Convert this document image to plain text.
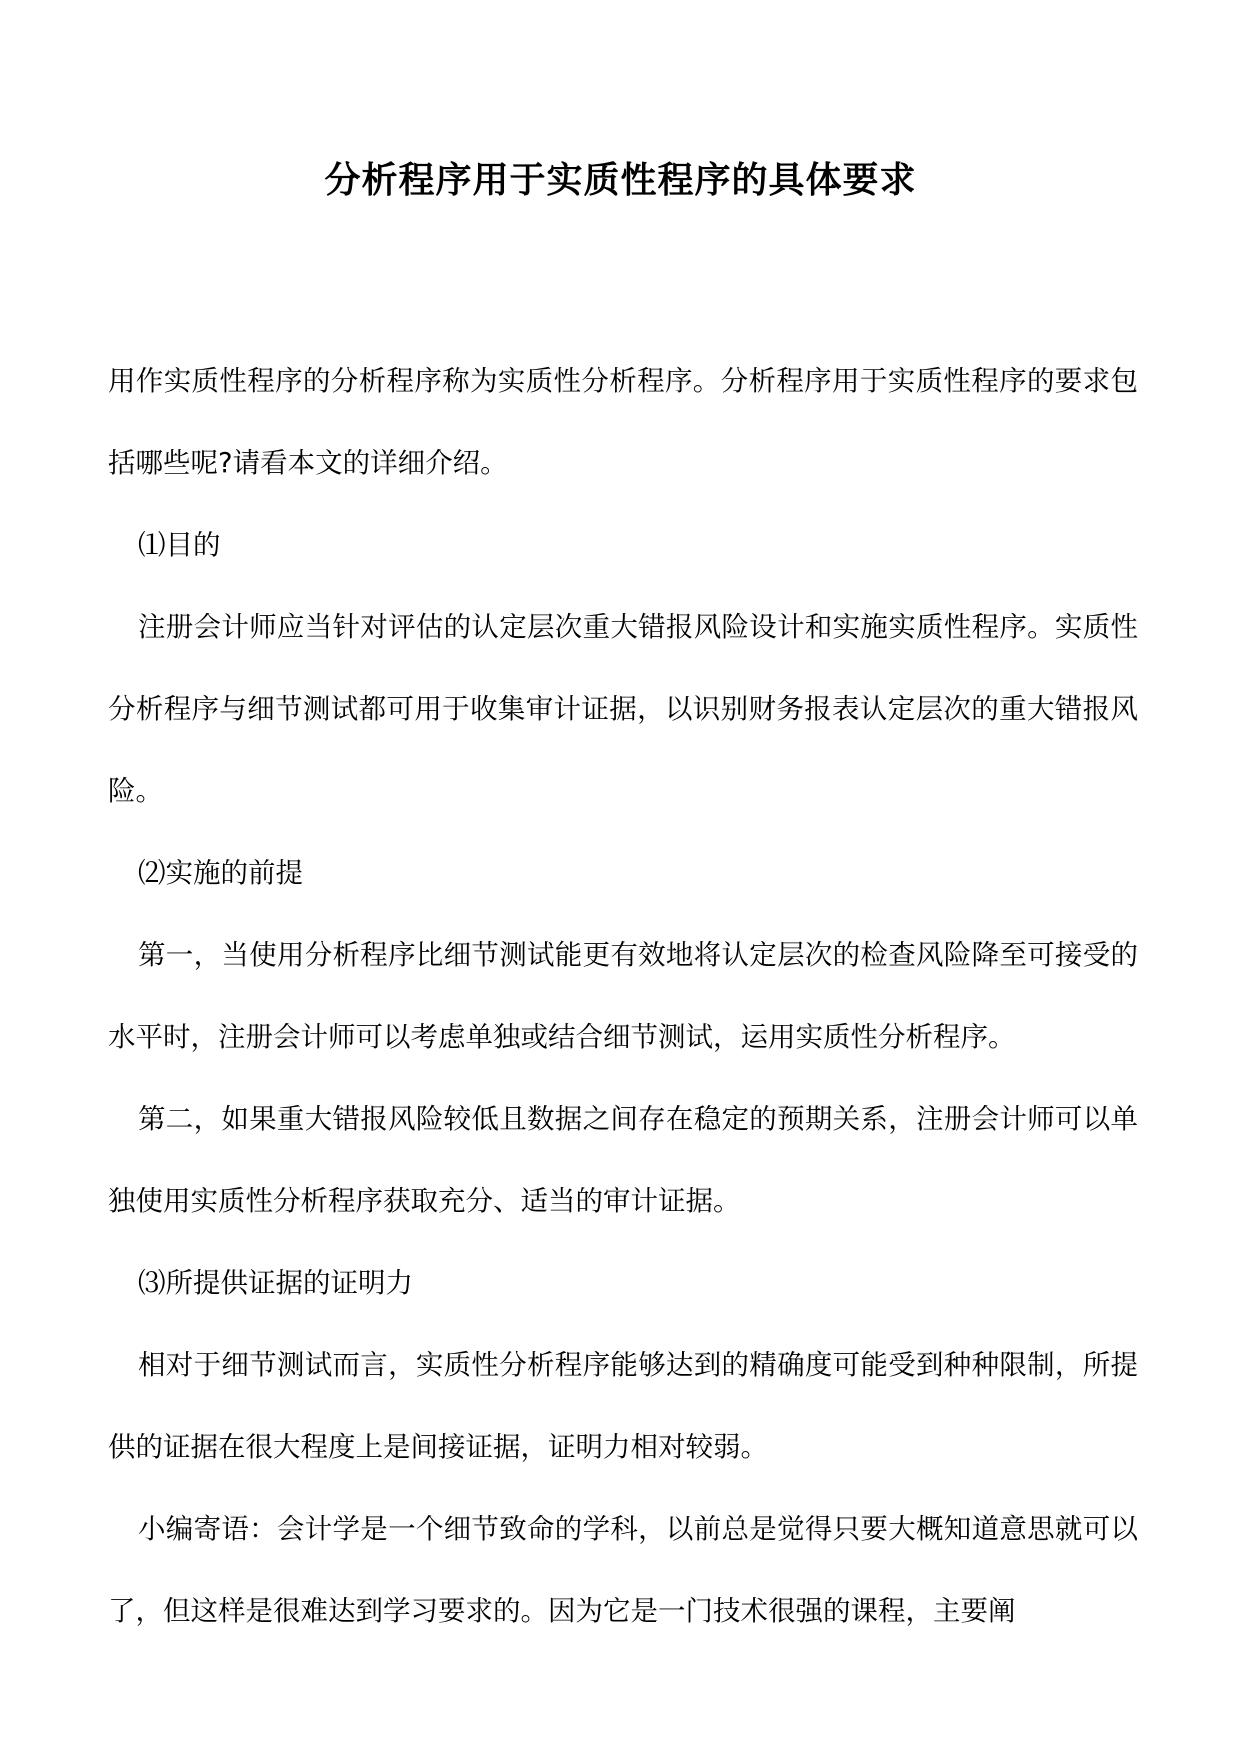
分析程序用于实质性程序的具体要求

用作实质性程序的分析程序称为实质性分析程序。分析程序用于实质性程序的要求包括哪些呢?请看本文的详细介绍。

⑴目的

注册会计师应当针对评估的认定层次重大错报风险设计和实施实质性程序。实质性分析程序与细节测试都可用于收集审计证据，以识别财务报表认定层次的重大错报风险。

⑵实施的前提

第一，当使用分析程序比细节测试能更有效地将认定层次的检查风险降至可接受的水平时，注册会计师可以考虑单独或结合细节测试，运用实质性分析程序。

第二，如果重大错报风险较低且数据之间存在稳定的预期关系，注册会计师可以单独使用实质性分析程序获取充分、适当的审计证据。

⑶所提供证据的证明力

相对于细节测试而言，实质性分析程序能够达到的精确度可能受到种种限制，所提供的证据在很大程度上是间接证据，证明力相对较弱。

小编寄语：会计学是一个细节致命的学科，以前总是觉得只要大概知道意思就可以了，但这样是很难达到学习要求的。因为它是一门技术很强的课程，主要阐
